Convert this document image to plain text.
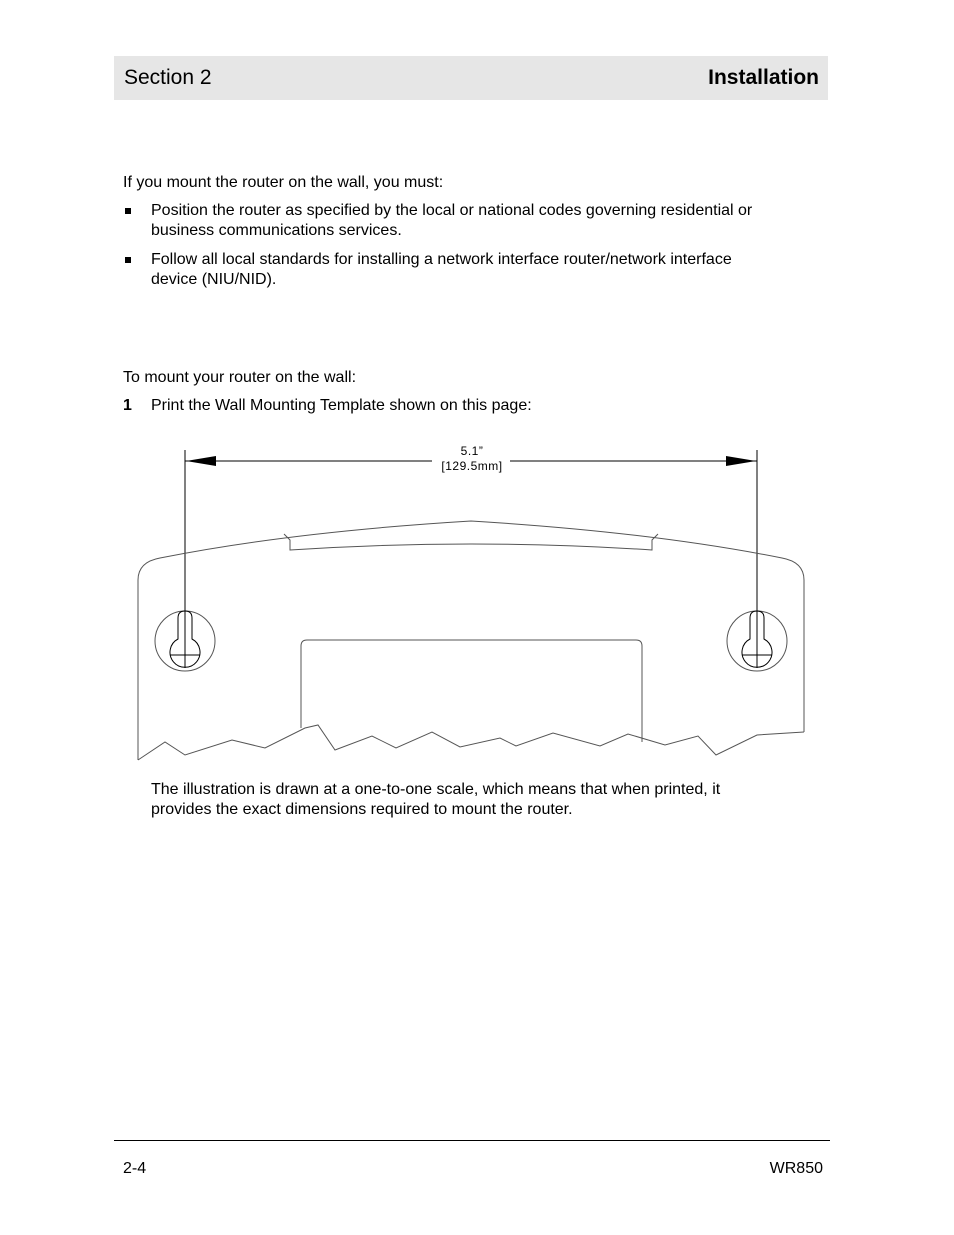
Section 2	Installation
If you mount the router on the wall, you must:
Position the router as specified by the local or national codes governing residential or
business communications services.
Follow all local standards for installing a network interface router/network interface
device (NIU/NID).
To mount your router on the wall:
1 Print the Wall Mounting Template shown on this page:
5.1”
[129.5mm]
The illustration is drawn at a one-to-one scale, which means that when printed, it
provides the exact dimensions required to mount the router.
2-4	WR850
